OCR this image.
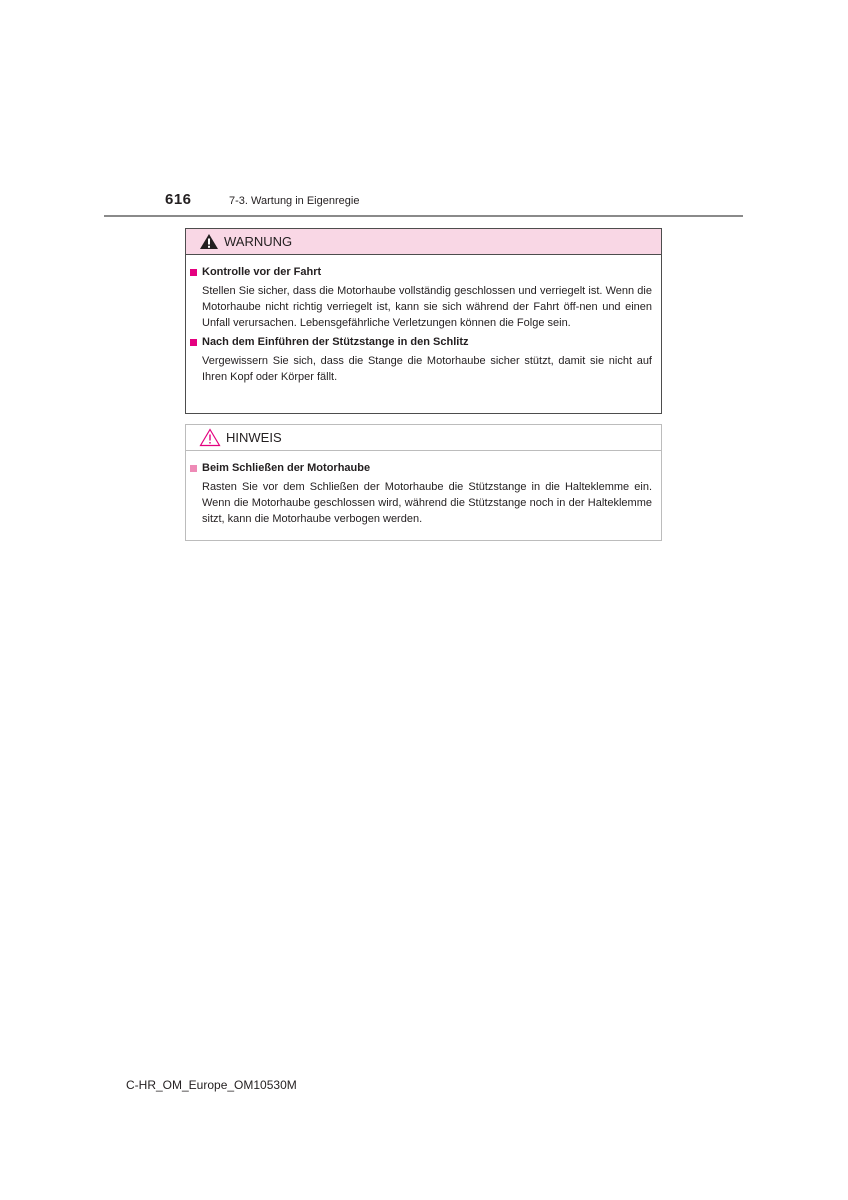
616	7-3. Wartung in Eigenregie
WARNUNG
Kontrolle vor der Fahrt
Stellen Sie sicher, dass die Motorhaube vollständig geschlossen und verriegelt ist. Wenn die Motorhaube nicht richtig verriegelt ist, kann sie sich während der Fahrt öff-nen und einen Unfall verursachen. Lebensgefährliche Verletzungen können die Folge sein.
Nach dem Einführen der Stützstange in den Schlitz
Vergewissern Sie sich, dass die Stange die Motorhaube sicher stützt, damit sie nicht auf Ihren Kopf oder Körper fällt.
HINWEIS
Beim Schließen der Motorhaube
Rasten Sie vor dem Schließen der Motorhaube die Stützstange in die Halteklemme ein. Wenn die Motorhaube geschlossen wird, während die Stützstange noch in der Halteklemme sitzt, kann die Motorhaube verbogen werden.
C-HR_OM_Europe_OM10530M
